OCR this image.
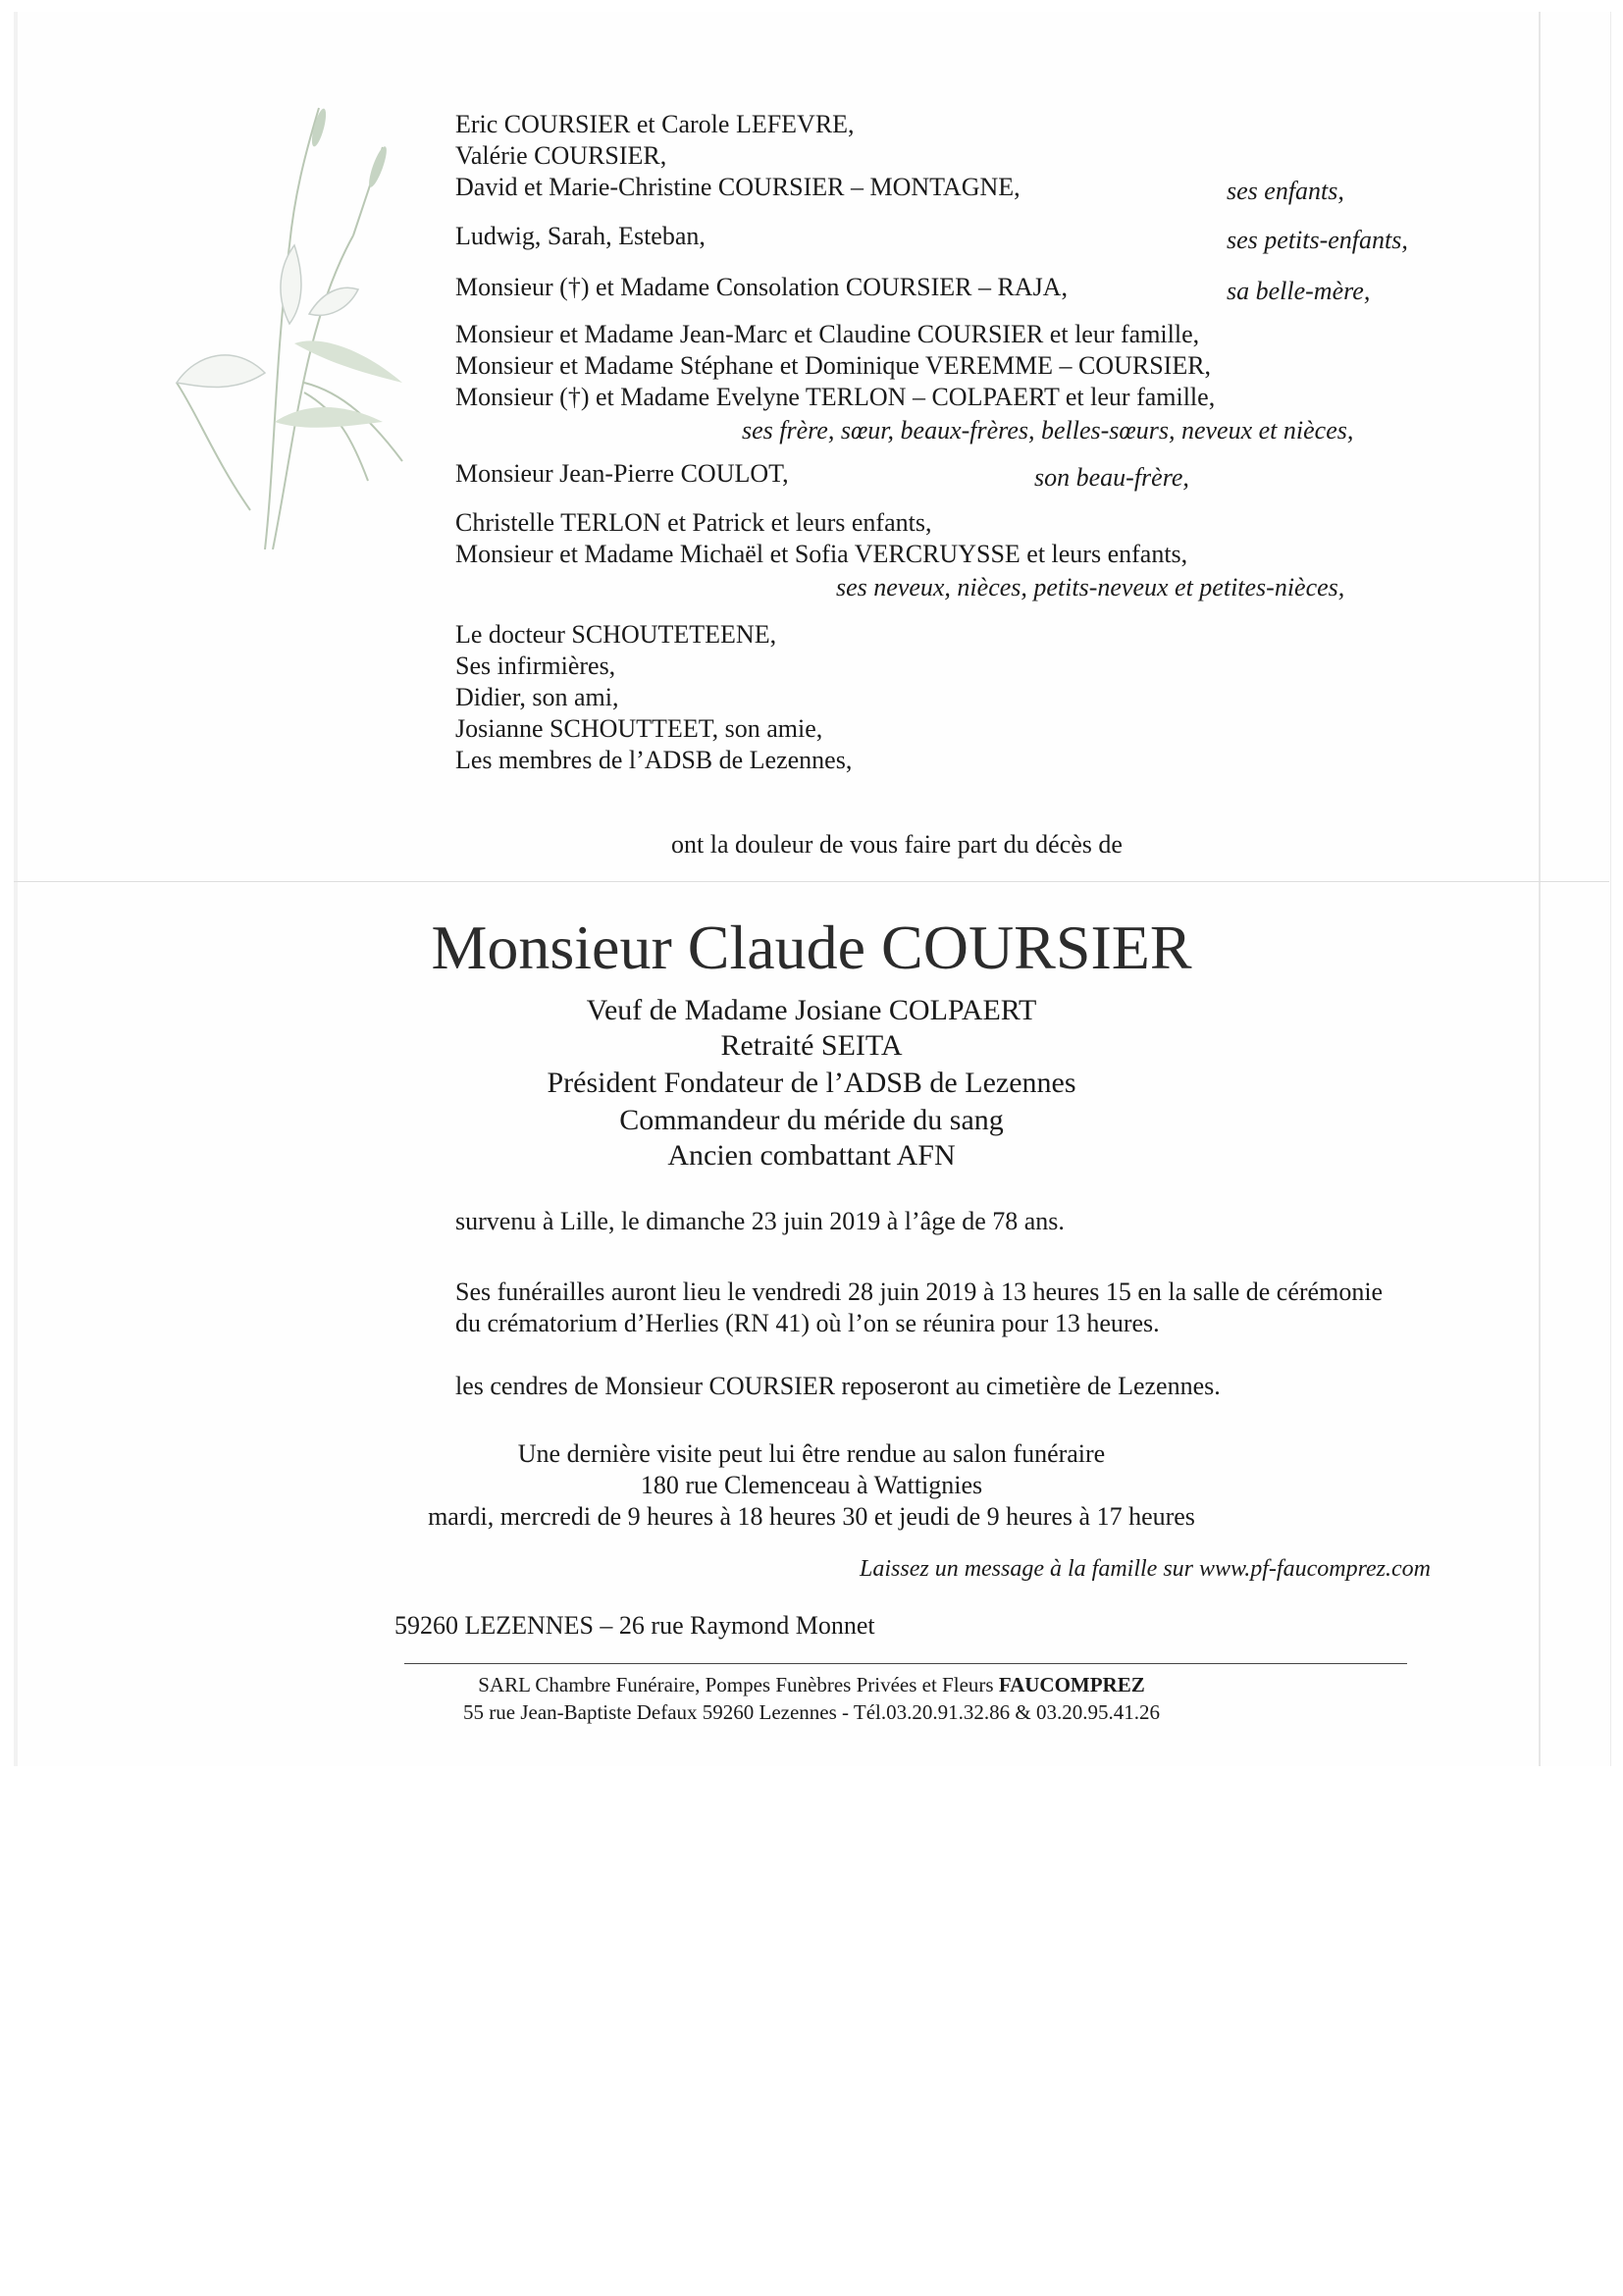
Eric COURSIER et Carole LEFEVRE,
Valérie COURSIER,
David et Marie-Christine COURSIER – MONTAGNE,	ses enfants,
Ludwig, Sarah, Esteban,	ses petits-enfants,
Monsieur (†) et Madame Consolation COURSIER – RAJA,	sa belle-mère,
Monsieur et Madame Jean-Marc et Claudine COURSIER et leur famille,
Monsieur et Madame Stéphane et Dominique VEREMME – COURSIER,
Monsieur (†) et Madame Evelyne TERLON – COLPAERT et leur famille,
ses frère, sœur, beaux-frères, belles-sœurs, neveux et nièces,
Monsieur Jean-Pierre COULOT,	son beau-frère,
Christelle TERLON et Patrick et leurs enfants,
Monsieur et Madame Michaël et Sofia VERCRUYSSE et leurs enfants,
ses neveux, nièces, petits-neveux et petites-nièces,
Le docteur SCHOUTETEENE,
Ses infirmières,
Didier, son ami,
Josianne SCHOUTTEET, son amie,
Les membres de l’ADSB de Lezennes,
ont la douleur de vous faire part du décès de
Monsieur Claude COURSIER
Veuf de Madame Josiane COLPAERT
Retraité SEITA
Président Fondateur de l’ADSB de Lezennes
Commandeur du méride du sang
Ancien combattant AFN
survenu à Lille, le dimanche 23 juin 2019 à l’âge de 78 ans.
Ses funérailles auront lieu le vendredi 28 juin 2019 à 13 heures 15 en la salle de cérémonie
du crématorium d’Herlies (RN 41) où l’on se réunira pour 13 heures.
les cendres de Monsieur COURSIER reposeront au cimetière de Lezennes.
Une dernière visite peut lui être rendue au salon funéraire
180 rue Clemenceau à Wattignies
mardi, mercredi de 9 heures à 18 heures 30 et jeudi de 9 heures à 17 heures
Laissez un message à la famille sur www.pf-faucomprez.com
59260 LEZENNES – 26 rue Raymond Monnet
SARL Chambre Funéraire, Pompes Funèbres Privées et Fleurs FAUCOMPREZ
55 rue Jean-Baptiste Defaux 59260 Lezennes - Tél.03.20.91.32.86 & 03.20.95.41.26
